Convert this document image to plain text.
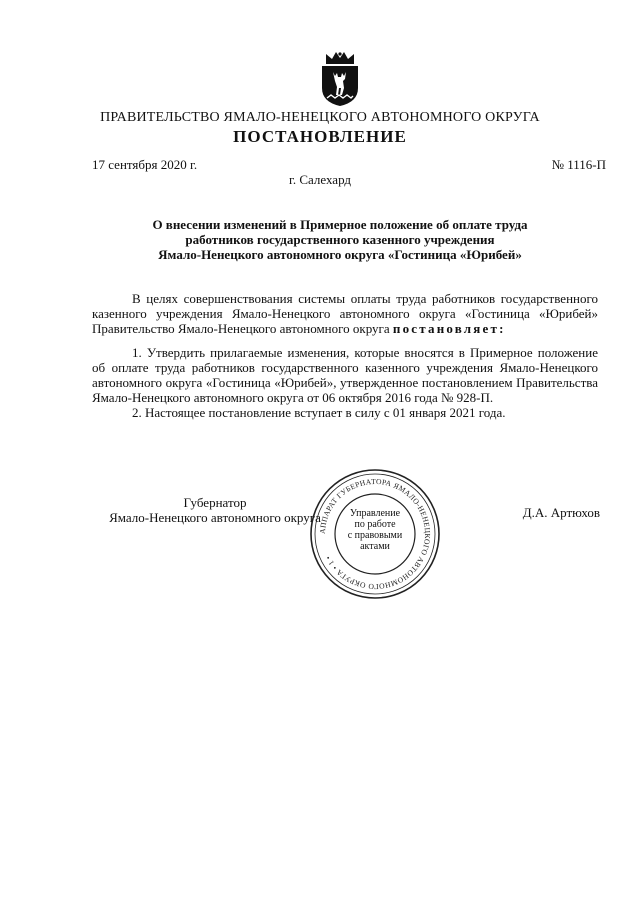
ПРАВИТЕЛЬСТВО ЯМАЛО-НЕНЕЦКОГО АВТОНОМНОГО ОКРУГА
ПОСТАНОВЛЕНИЕ
17 сентября 2020 г.	№ 1116-П
г. Салехард
О внесении изменений в Примерное положение об оплате труда
работников государственного казенного учреждения
Ямало-Ненецкого автономного округа «Гостиница «Юрибей»

В целях совершенствования системы оплаты труда работников государственного казенного учреждения Ямало-Ненецкого автономного округа «Гостиница «Юрибей» Правительство Ямало-Ненецкого автономного округа постановляет:

1. Утвердить прилагаемые изменения, которые вносятся в Примерное положение об оплате труда работников государственного казенного учреждения Ямало-Ненецкого автономного округа «Гостиница «Юрибей», утвержденное постановлением Правительства Ямало-Ненецкого автономного округа от 06 октября 2016 года № 928-П.

2. Настоящее постановление вступает в силу с 01 января 2021 года.

Губернатор
Ямало-Ненецкого автономного округа	Д.А. Артюхов
АППАРАТ ГУБЕРНАТОРА ЯМАЛО-НЕНЕЦКОГО АВТОНОМНОГО ОКРУГА • 1 •
Управление
по работе
с правовыми
актами
